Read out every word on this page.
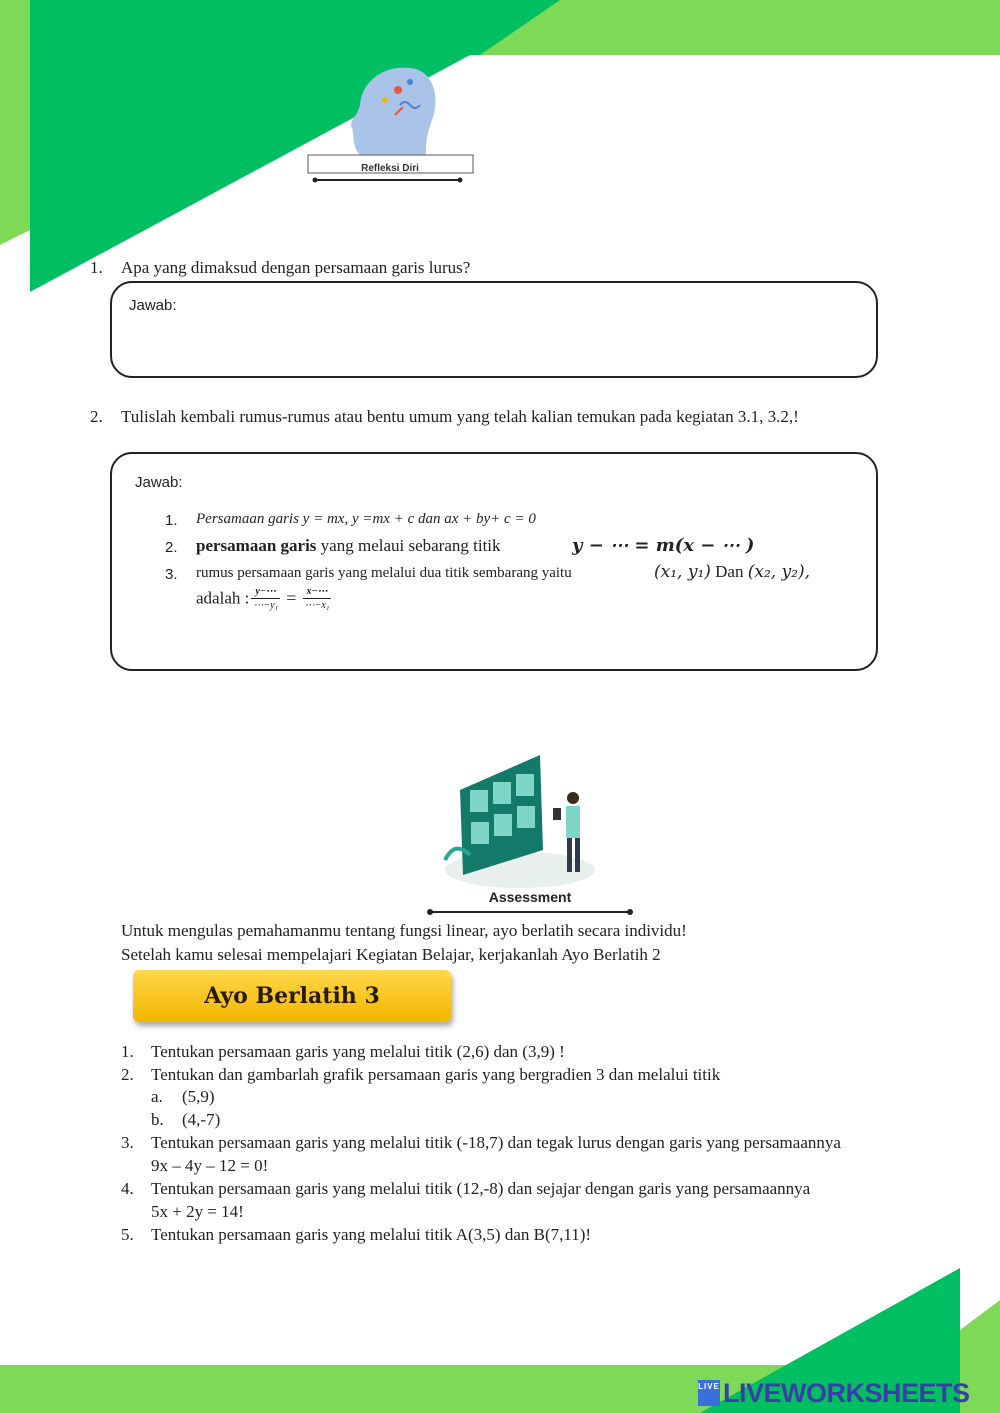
Refleksi Diri
1. Apa yang dimaksud dengan persamaan garis lurus?
Jawab:
2. Tulislah kembali rumus-rumus atau bentu umum yang telah kalian temukan pada kegiatan 3.1, 3.2,!
Jawab:
1. Persamaan garis y = mx, y =mx + c dan ax + by+ c = 0
2. persamaan garis yang melaui sebarang titik	y − ⋯ = m(x − ⋯ )
3. rumus persamaan garis yang melalui dua titik sembarang yaitu	(x₁, y₁) Dan (x₂, y₂),
adalah : $\frac{y-\cdots}{\text{⋯−y₁}} = \frac{x-\cdots}{\text{⋯−x₁}}$
Assessment
Untuk mengulas pemahamanmu tentang fungsi linear, ayo berlatih secara individu!
Setelah kamu selesai mempelajari Kegiatan Belajar, kerjakanlah Ayo Berlatih 2
Ayo Berlatih 3
1. Tentukan persamaan garis yang melalui titik (2,6) dan (3,9) !
2. Tentukan dan gambarlah grafik persamaan garis yang bergradien 3 dan melalui titik
a. (5,9)
b. (4,-7)
3. Tentukan persamaan garis yang melalui titik (-18,7) dan tegak lurus dengan garis yang persamaannya
9x – 4y – 12 = 0!
4. Tentukan persamaan garis yang melalui titik (12,-8) dan sejajar dengan garis yang persamaannya
5x + 2y = 14!
5. Tentukan persamaan garis yang melalui titik A(3,5) dan B(7,11)!
LIVE LIVEWORKSHEETS
